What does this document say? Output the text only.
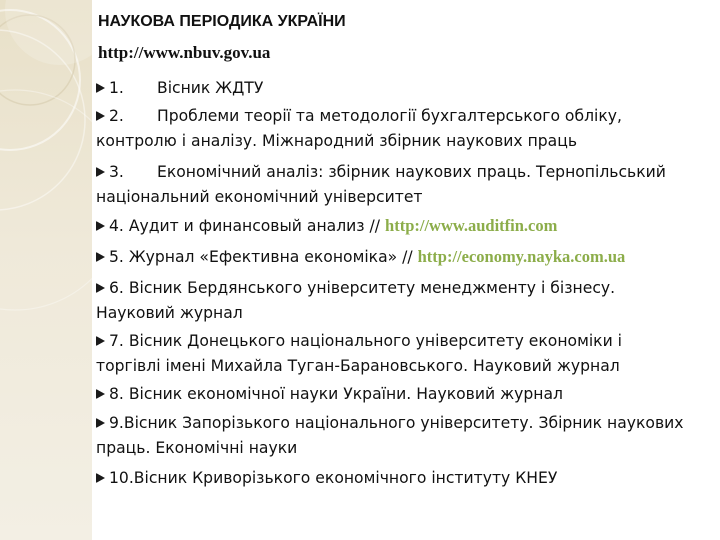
НАУКОВА ПЕРІОДИКА УКРАЇНИ
http://www.nbuv.gov.ua
1. Вісник ЖДТУ
2. Проблеми теорії та методології бухгалтерського обліку,
контролю і аналізу. Міжнародний збірник наукових праць
3. Економічний аналіз: збірник наукових праць. Тернопільський
національний економічний університет
4. Аудит и финансовый анализ // http://www.auditfin.com
5. Журнал «Ефективна економіка» // http://economy.nayka.com.ua
6. Вісник Бердянського університету менеджменту і бізнесу.
Науковий журнал
7. Вісник Донецького національного університету економіки і
торгівлі імені Михайла Туган-Барановського. Науковий журнал
8. Вісник економічної науки України. Науковий журнал
9.Вісник Запорізького національного університету. Збірник наукових
праць. Економічні науки
10.Вісник Криворізького економічного інституту КНЕУ
